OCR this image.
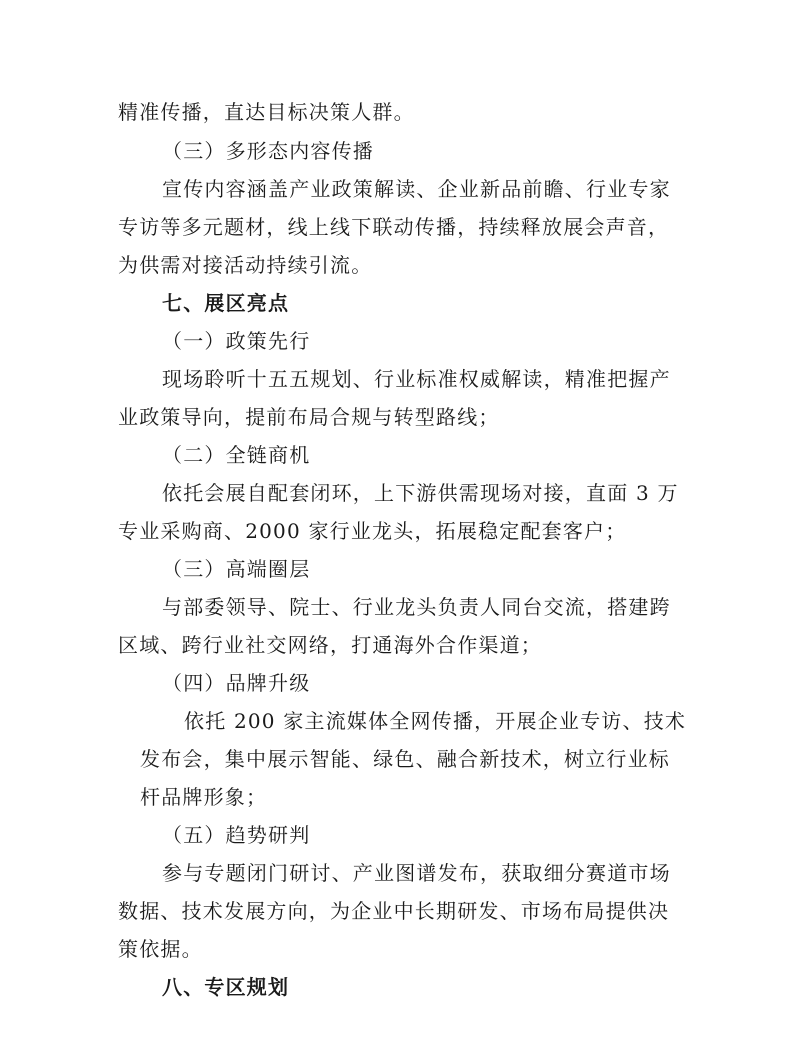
精准传播，直达目标决策人群。
（三）多形态内容传播
宣传内容涵盖产业政策解读、企业新品前瞻、行业专家
专访等多元题材，线上线下联动传播，持续释放展会声音，
为供需对接活动持续引流。
七、展区亮点
（一）政策先行
现场聆听十五五规划、行业标准权威解读，精准把握产
业政策导向，提前布局合规与转型路线；
（二）全链商机
依托会展自配套闭环，上下游供需现场对接，直面 3 万
专业采购商、2000 家行业龙头，拓展稳定配套客户；
（三）高端圈层
与部委领导、院士、行业龙头负责人同台交流，搭建跨
区域、跨行业社交网络，打通海外合作渠道；
（四）品牌升级
依托 200 家主流媒体全网传播，开展企业专访、技术
发布会，集中展示智能、绿色、融合新技术，树立行业标
杆品牌形象；
（五）趋势研判
参与专题闭门研讨、产业图谱发布，获取细分赛道市场
数据、技术发展方向，为企业中长期研发、市场布局提供决
策依据。
八、专区规划
